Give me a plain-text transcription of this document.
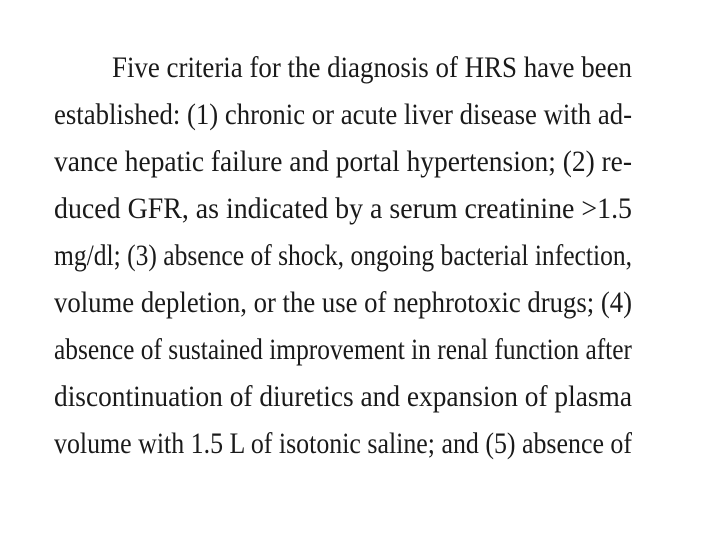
Five criteria for the diagnosis of HRS have been
established: (1) chronic or acute liver disease with ad-
vance hepatic failure and portal hypertension; (2) re-
duced GFR, as indicated by a serum creatinine >1.5
mg/dl; (3) absence of shock, ongoing bacterial infection,
volume depletion, or the use of nephrotoxic drugs; (4)
absence of sustained improvement in renal function after
discontinuation of diuretics and expansion of plasma
volume with 1.5 L of isotonic saline; and (5) absence of
